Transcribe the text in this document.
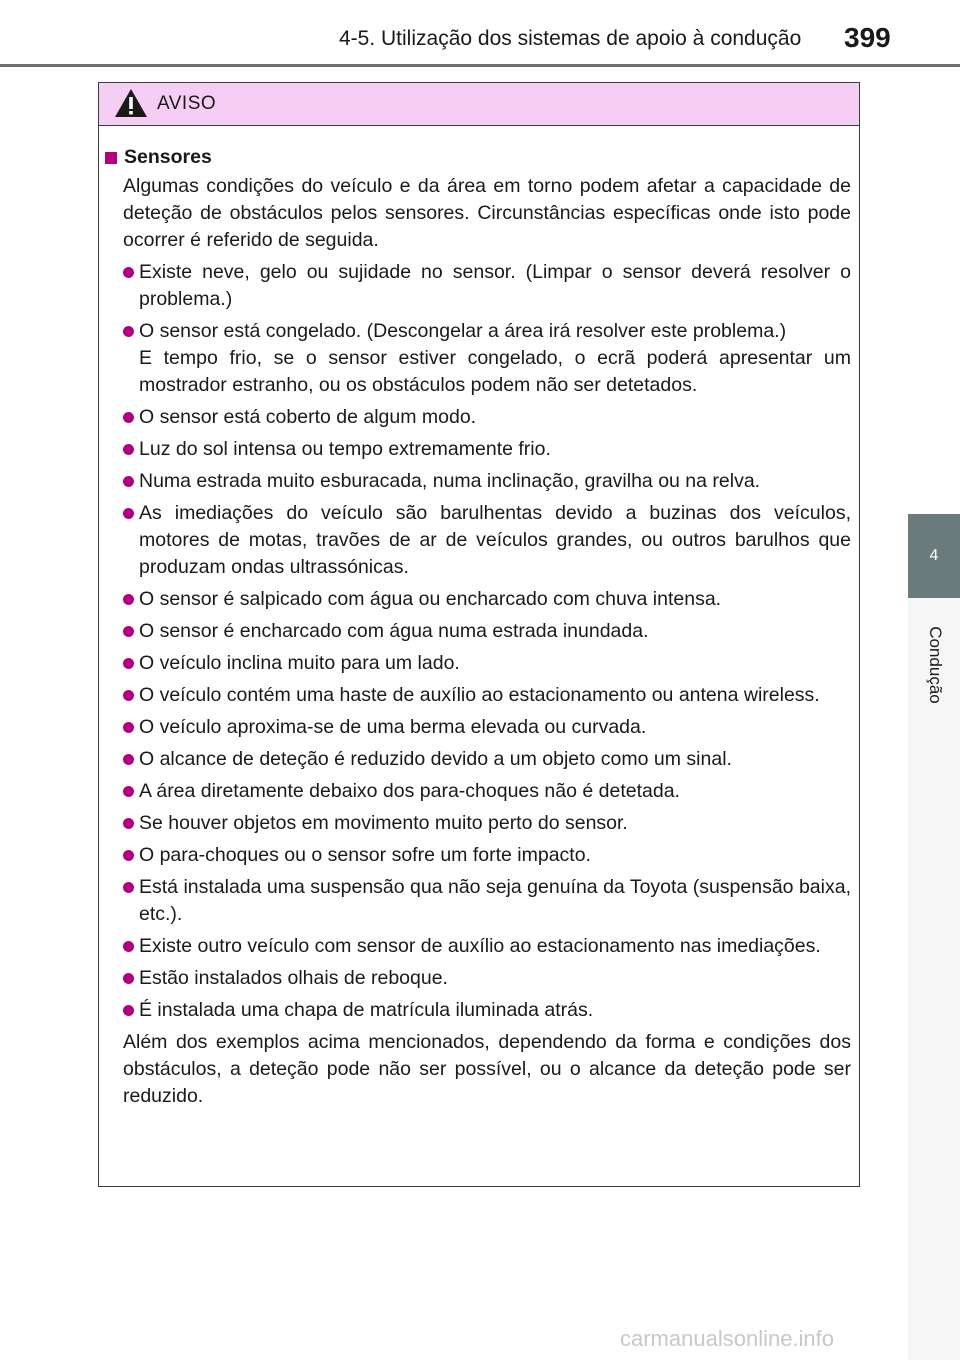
4-5. Utilização dos sistemas de apoio à condução 399
4
Condução
AVISO
Sensores
Algumas condições do veículo e da área em torno podem afetar a capacidade de deteção de obstáculos pelos sensores. Circunstâncias específicas onde isto pode ocorrer é referido de seguida.
Existe neve, gelo ou sujidade no sensor. (Limpar o sensor deverá resolver o problema.)
O sensor está congelado. (Descongelar a área irá resolver este problema.)
E tempo frio, se o sensor estiver congelado, o ecrã poderá apresentar um mostrador estranho, ou os obstáculos podem não ser detetados.
O sensor está coberto de algum modo.
Luz do sol intensa ou tempo extremamente frio.
Numa estrada muito esburacada, numa inclinação, gravilha ou na relva.
As imediações do veículo são barulhentas devido a buzinas dos veículos, motores de motas, travões de ar de veículos grandes, ou outros barulhos que produzam ondas ultrassónicas.
O sensor é salpicado com água ou encharcado com chuva intensa.
O sensor é encharcado com água numa estrada inundada.
O veículo inclina muito para um lado.
O veículo contém uma haste de auxílio ao estacionamento ou antena wireless.
O veículo aproxima-se de uma berma elevada ou curvada.
O alcance de deteção é reduzido devido a um objeto como um sinal.
A área diretamente debaixo dos para-choques não é detetada.
Se houver objetos em movimento muito perto do sensor.
O para-choques ou o sensor sofre um forte impacto.
Está instalada uma suspensão qua não seja genuína da Toyota (suspensão baixa, etc.).
Existe outro veículo com sensor de auxílio ao estacionamento nas imediações.
Estão instalados olhais de reboque.
É instalada uma chapa de matrícula iluminada atrás.
Além dos exemplos acima mencionados, dependendo da forma e condições dos obstáculos, a deteção pode não ser possível, ou o alcance da deteção pode ser reduzido.
carmanualsonline.info
